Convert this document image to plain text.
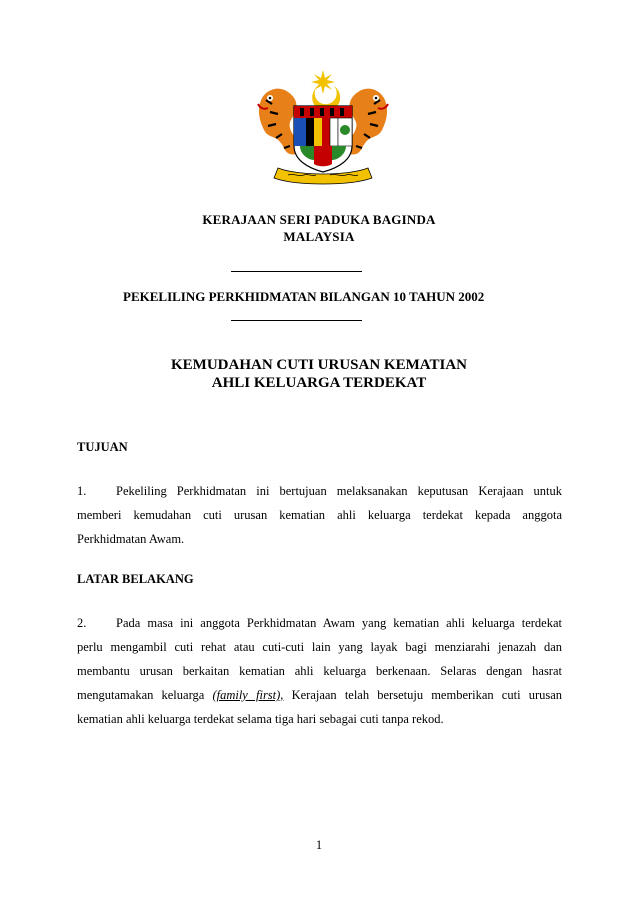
KERAJAAN SERI PADUKA BAGINDA
MALAYSIA
PEKELILING PERKHIDMATAN BILANGAN 10 TAHUN 2002
KEMUDAHAN CUTI URUSAN KEMATIAN
AHLI KELUARGA TERDEKAT
TUJUAN
1. Pekeliling Perkhidmatan ini bertujuan melaksanakan keputusan Kerajaan untuk
memberi kemudahan cuti urusan kematian ahli keluarga terdekat kepada anggota
Perkhidmatan Awam.
LATAR BELAKANG
2. Pada masa ini anggota Perkhidmatan Awam yang kematian ahli keluarga terdekat
perlu mengambil cuti rehat atau cuti-cuti lain yang layak bagi menziarahi jenazah dan
membantu urusan berkaitan kematian ahli keluarga berkenaan. Selaras dengan hasrat
mengutamakan keluarga (family first), Kerajaan telah bersetuju memberikan cuti urusan
kematian ahli keluarga terdekat selama tiga hari sebagai cuti tanpa rekod.
1
